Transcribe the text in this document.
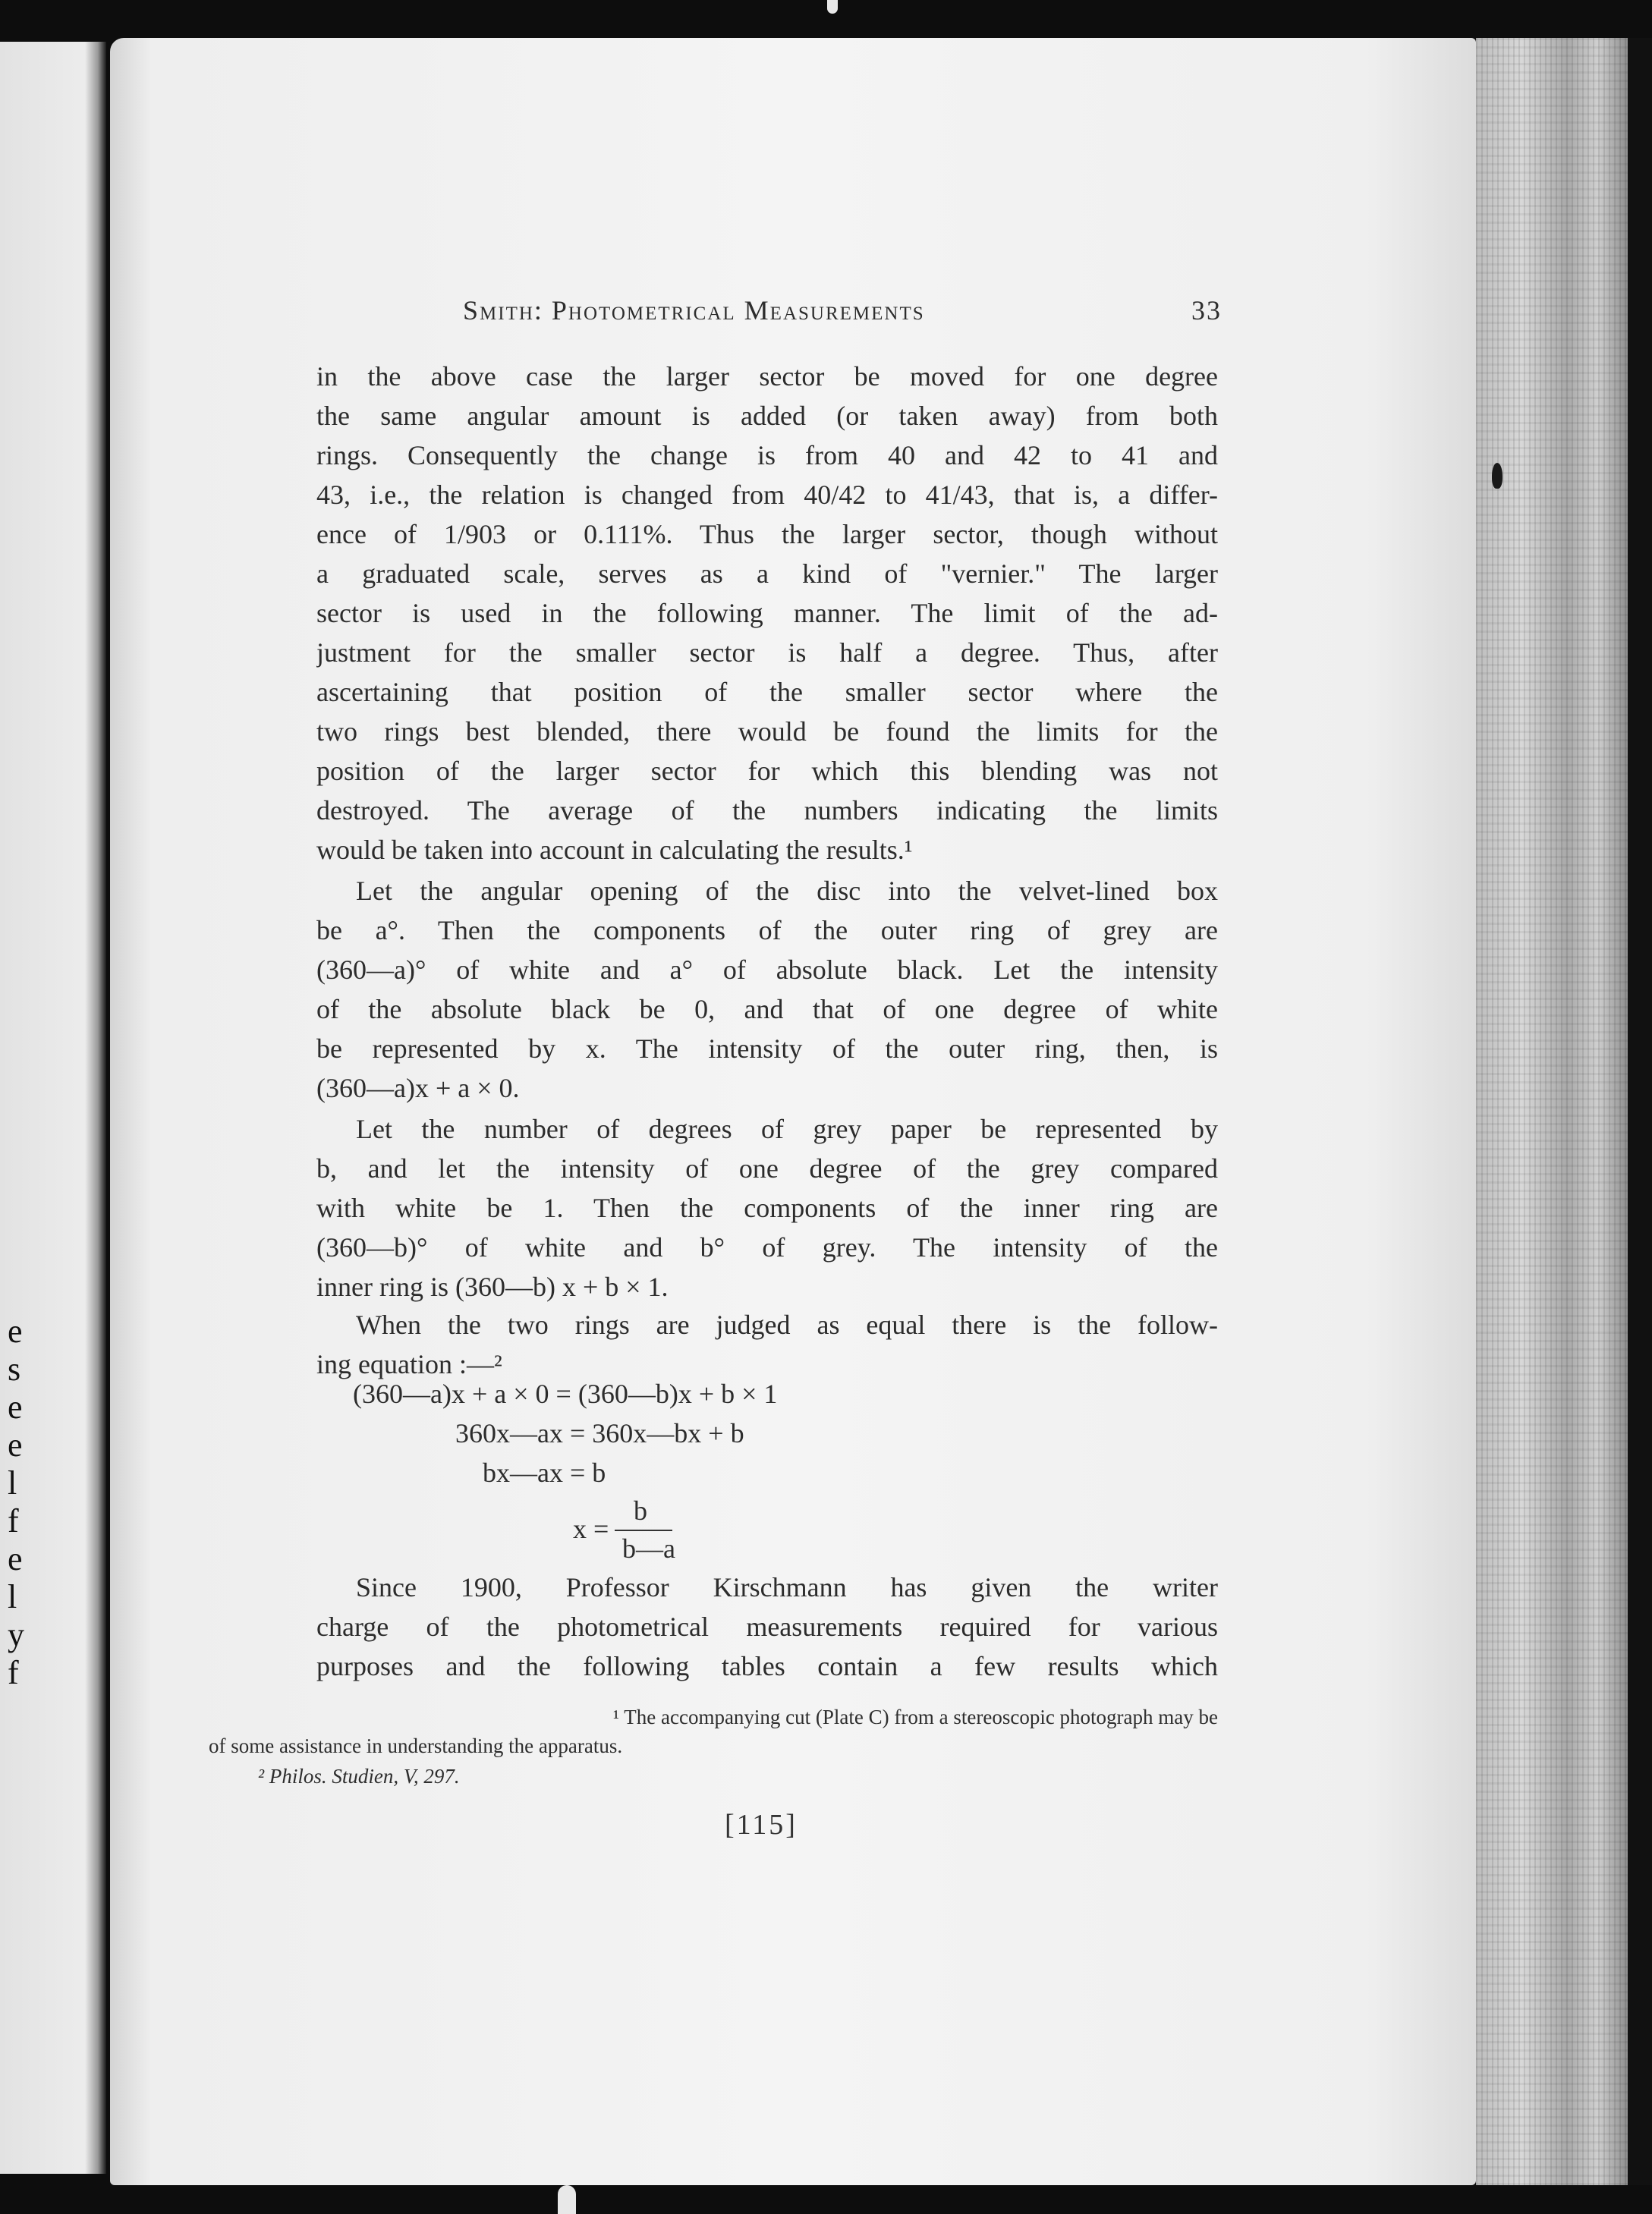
e
s
e
e
l
f
e
l
y
f
Smith: Photometrical Measurements	33
in the above case the larger sector be moved for one degree
the same angular amount is added (or taken away) from both
rings. Consequently the change is from 40 and 42 to 41 and
43, i.e., the relation is changed from 40/42 to 41/43, that is, a differ-
ence of 1/903 or 0.111%. Thus the larger sector, though without
a graduated scale, serves as a kind of "vernier." The larger
sector is used in the following manner. The limit of the ad-
justment for the smaller sector is half a degree. Thus, after
ascertaining that position of the smaller sector where the
two rings best blended, there would be found the limits for the
position of the larger sector for which this blending was not
destroyed. The average of the numbers indicating the limits
would be taken into account in calculating the results.¹
Let the angular opening of the disc into the velvet-lined box
be a°. Then the components of the outer ring of grey are
(360—a)° of white and a° of absolute black. Let the intensity
of the absolute black be 0, and that of one degree of white
be represented by x. The intensity of the outer ring, then, is
(360—a)x + a × 0.
Let the number of degrees of grey paper be represented by
b, and let the intensity of one degree of the grey compared
with white be 1. Then the components of the inner ring are
(360—b)° of white and b° of grey. The intensity of the
inner ring is (360—b) x + b × 1.
When the two rings are judged as equal there is the follow-
ing equation :—²
(360—a)x + a × 0 = (360—b)x + b × 1
360x—ax = 360x—bx + b
bx—ax = b
x =
b
b—a
Since 1900, Professor Kirschmann has given the writer
charge of the photometrical measurements required for various
purposes and the following tables contain a few results which
¹ The accompanying cut (Plate C) from a stereoscopic photograph may be
of some assistance in understanding the apparatus.
² Philos. Studien, V, 297.
[115]
